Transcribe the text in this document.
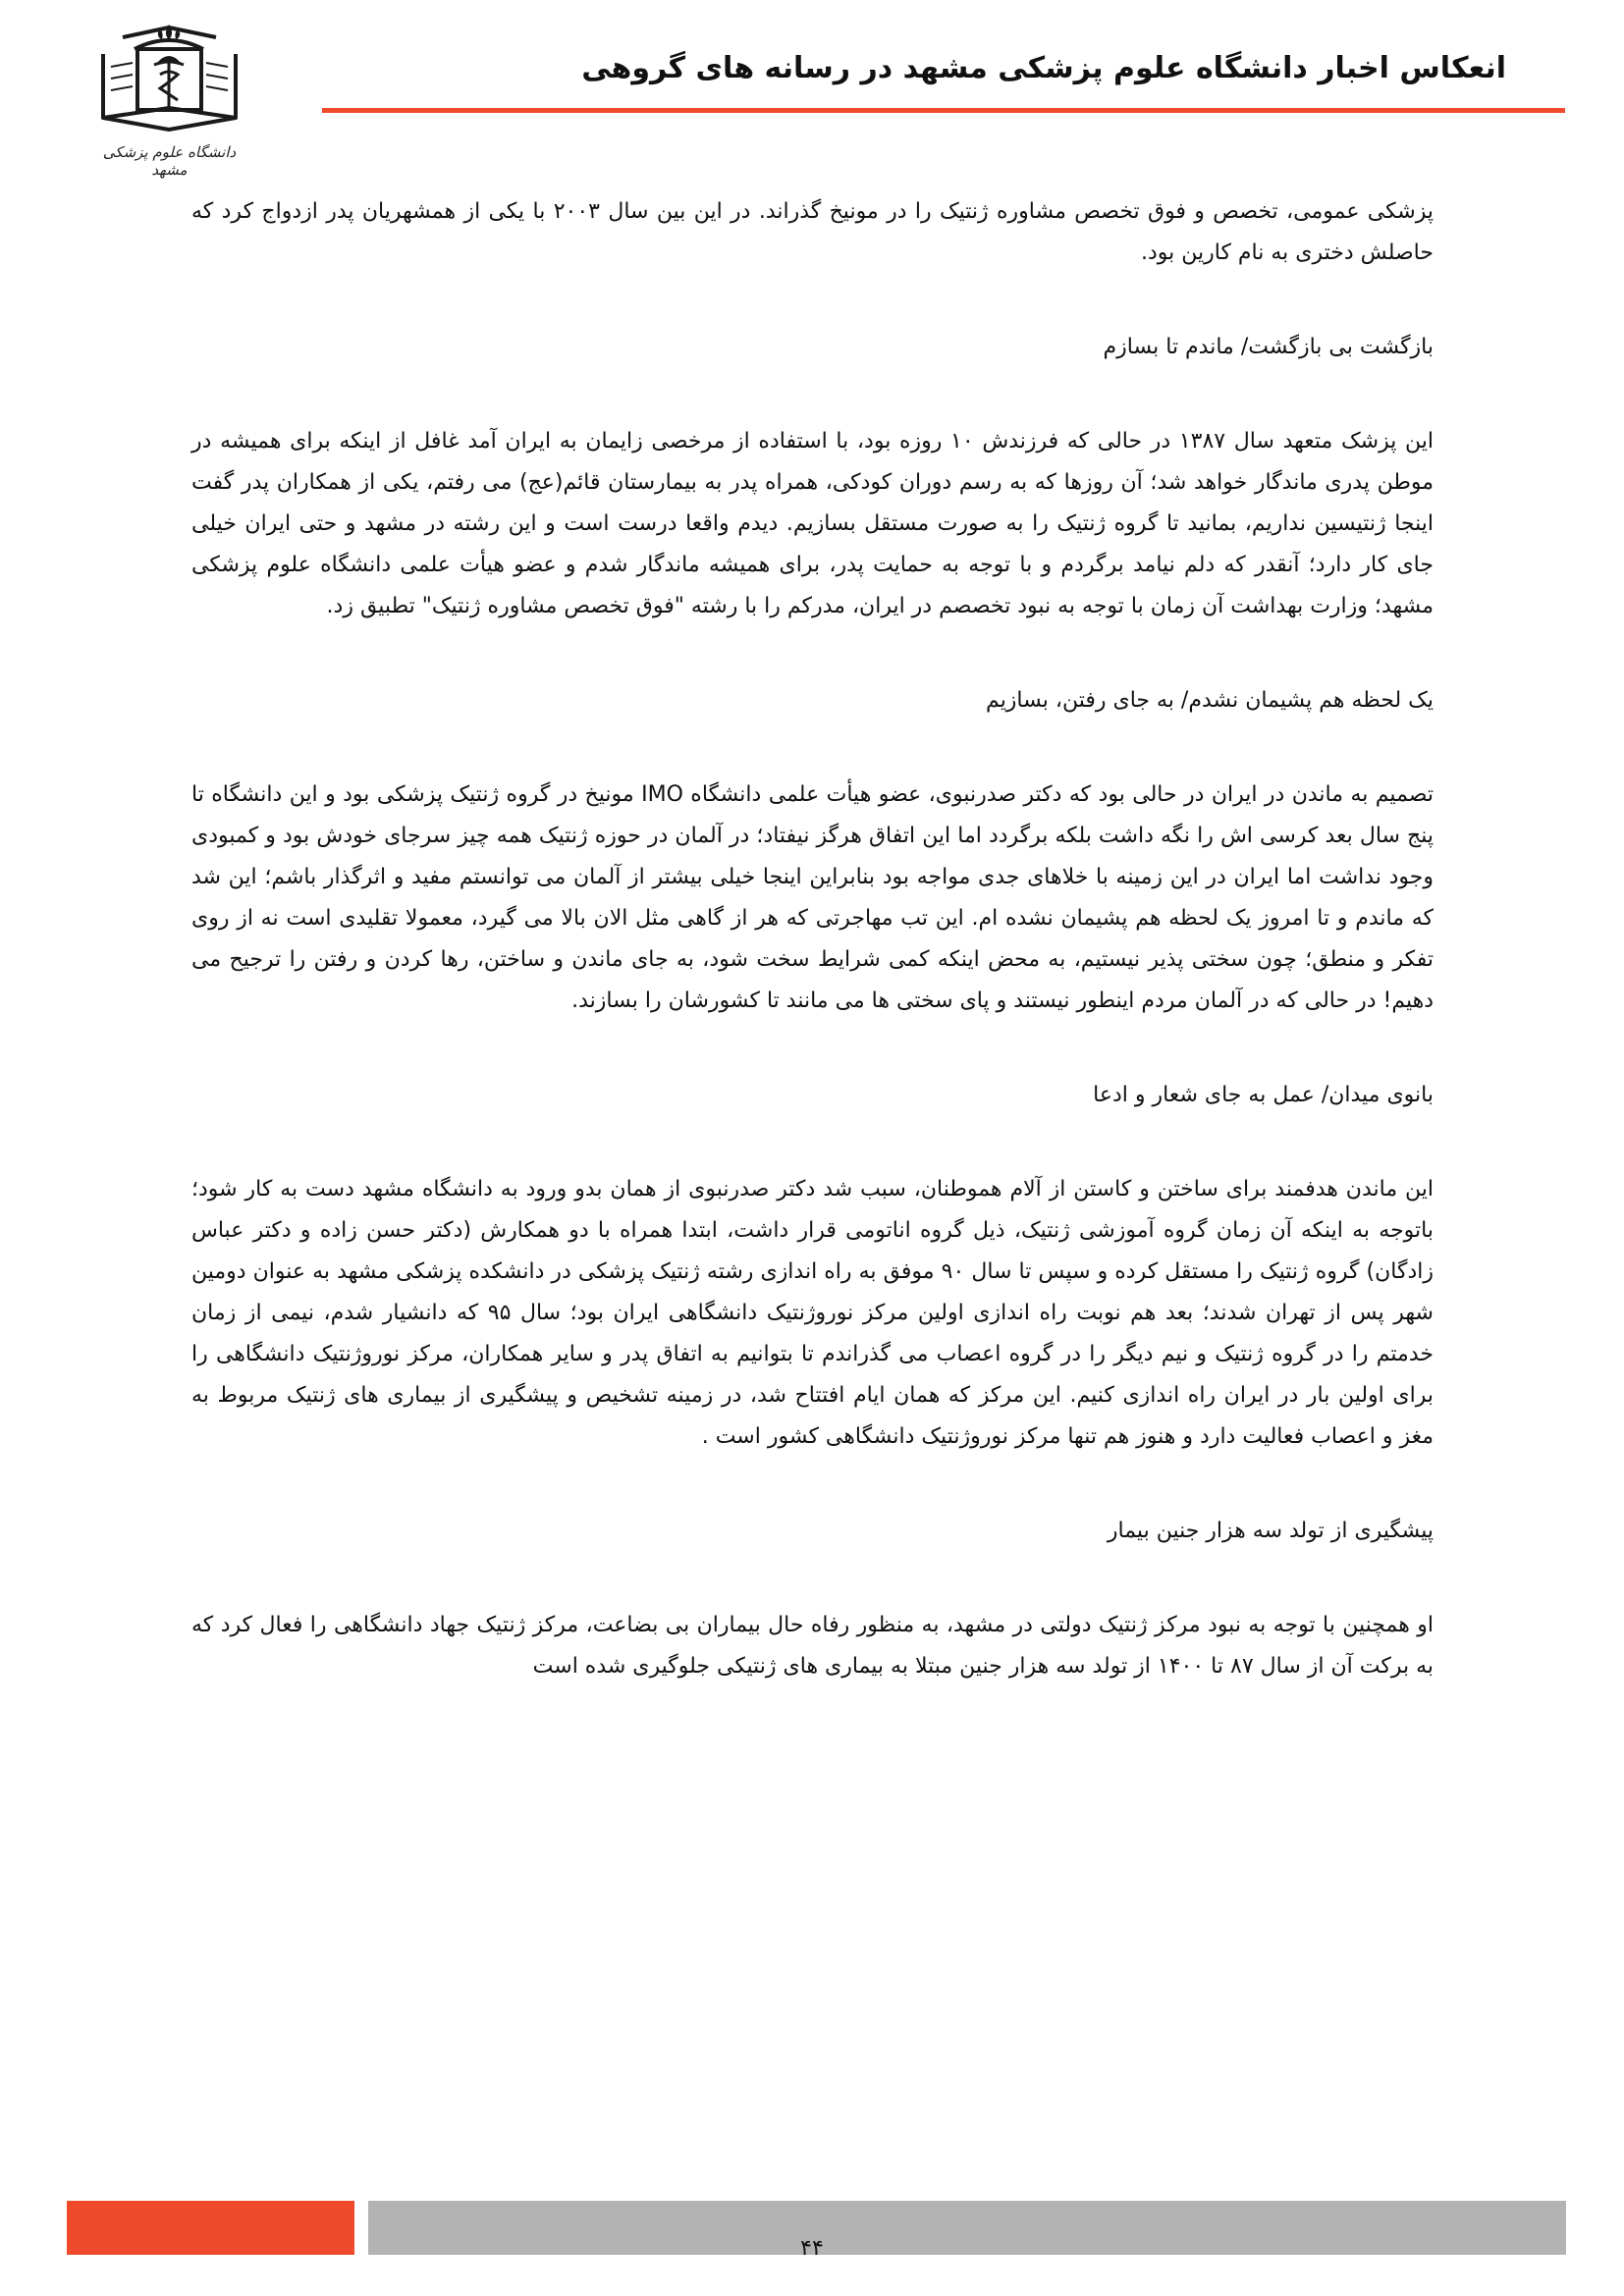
انعکاس اخبار دانشگاه علوم پزشکی مشهد در رسانه های گروهی
دانشگاه علوم پزشکی مشهد

پزشکی عمومی، تخصص و فوق تخصص مشاوره ژنتیک را در مونیخ گذراند. در این بین سال ۲۰۰۳ با یکی از همشهریان پدر ازدواج کرد که حاصلش دختری به نام کارین بود.

بازگشت بی بازگشت/ ماندم تا بسازم

این پزشک متعهد سال ۱۳۸۷ در حالی که فرزندش ۱۰ روزه بود، با استفاده از مرخصی زایمان به ایران آمد غافل از اینکه برای همیشه در موطن پدری ماندگار خواهد شد؛ آن روزها که به رسم دوران کودکی، همراه پدر به بیمارستان قائم(عج) می رفتم، یکی از همکاران پدر گفت اینجا ژنتیسین نداریم، بمانید تا گروه ژنتیک را به صورت مستقل بسازیم. دیدم واقعا درست است و این رشته در مشهد و حتی ایران خیلی جای کار دارد؛ آنقدر که دلم نیامد برگردم و با توجه به حمایت پدر، برای همیشه ماندگار شدم و عضو هیأت علمی دانشگاه علوم پزشکی مشهد؛ وزارت بهداشت آن زمان با توجه به نبود تخصصم در ایران، مدرکم را با رشته "فوق تخصص مشاوره ژنتیک" تطبیق زد.

یک لحظه هم پشیمان نشدم/ به جای رفتن، بسازیم

تصمیم به ماندن در ایران در حالی بود که دکتر صدرنبوی، عضو هیأت علمی دانشگاه IMO مونیخ در گروه ژنتیک پزشکی بود و این دانشگاه تا پنج سال بعد کرسی اش را نگه داشت بلکه برگردد اما این اتفاق هرگز نیفتاد؛ در آلمان در حوزه ژنتیک همه چیز سرجای خودش بود و کمبودی وجود نداشت اما ایران در این زمینه با خلاهای جدی مواجه بود بنابراین اینجا خیلی بیشتر از آلمان می توانستم مفید و اثرگذار باشم؛ این شد که ماندم و تا امروز یک لحظه هم پشیمان نشده ام. این تب مهاجرتی که هر از گاهی مثل الان بالا می گیرد، معمولا تقلیدی است نه از روی تفکر و منطق؛ چون سختی پذیر نیستیم، به محض اینکه کمی شرایط سخت شود، به جای ماندن و ساختن، رها کردن و رفتن را ترجیح می دهیم! در حالی که در آلمان مردم اینطور نیستند و پای سختی ها می مانند تا کشورشان را بسازند.

بانوی میدان/ عمل به جای شعار و ادعا

این ماندن هدفمند برای ساختن و کاستن از آلام هموطنان، سبب شد دکتر صدرنبوی از همان بدو ورود به دانشگاه مشهد دست به کار شود؛ باتوجه به اینکه آن زمان گروه آموزشی ژنتیک، ذیل گروه اناتومی قرار داشت، ابتدا همراه با دو همکارش (دکتر حسن زاده و دکتر عباس زادگان) گروه ژنتیک را مستقل کرده و سپس تا سال ۹۰ موفق به راه اندازی رشته ژنتیک پزشکی در دانشکده پزشکی مشهد به عنوان دومین شهر پس از تهران شدند؛ بعد هم نوبت راه اندازی اولین مرکز نوروژنتیک دانشگاهی ایران بود؛ سال ۹۵ که دانشیار شدم، نیمی از زمان خدمتم را در گروه ژنتیک و نیم دیگر را در گروه اعصاب می گذراندم تا بتوانیم به اتفاق پدر و سایر همکاران، مرکز نوروژنتیک دانشگاهی را برای اولین بار در ایران راه اندازی کنیم. این مرکز که همان ایام افتتاح شد، در زمینه تشخیص و پیشگیری از بیماری های ژنتیک مربوط به مغز و اعصاب فعالیت دارد و هنوز هم تنها مرکز نوروژنتیک دانشگاهی کشور است .

پیشگیری از تولد سه هزار جنین بیمار

او همچنین با توجه به نبود مرکز ژنتیک دولتی در مشهد، به منظور رفاه حال بیماران بی بضاعت، مرکز ژنتیک جهاد دانشگاهی را فعال کرد که به برکت آن از سال ۸۷ تا ۱۴۰۰ از تولد سه هزار جنین مبتلا به بیماری های ژنتیکی جلوگیری شده است

۴۴
